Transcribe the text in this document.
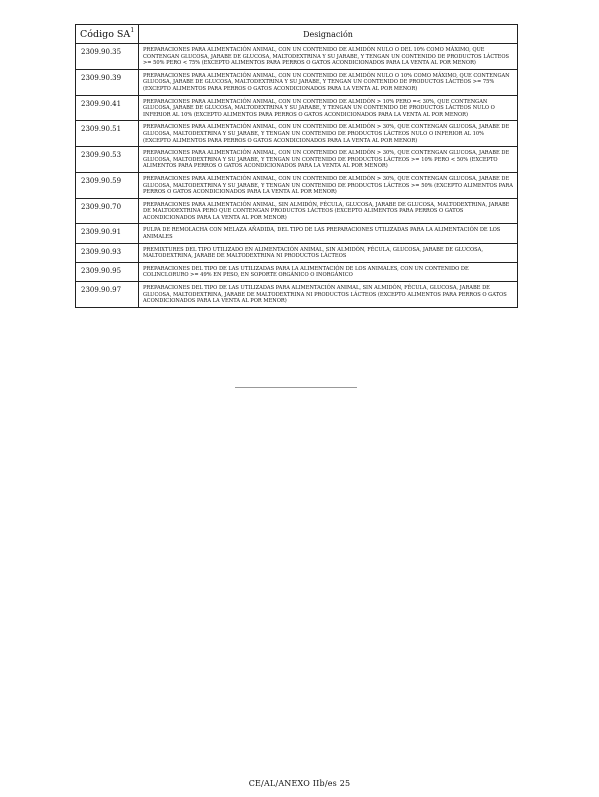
Código $SA^1$	Designación
2309.90.35	PREPARACIONES PARA ALIMENTACIÓN ANIMAL, CON UN CONTENIDO DE ALMIDÓN NULO O DEL 10% COMO MÁXIMO, QUE CONTENGAN GLUCOSA, JARABE DE GLUCOSA, MALTODEXTRINA Y SU JARABE, Y TENGAN UN CONTENIDO DE PRODUCTOS LÁCTEOS >= 50% PERO < 75% (EXCEPTO ALIMENTOS PARA PERROS O GATOS ACONDICIONADOS PARA LA VENTA AL POR MENOR)
2309.90.39	PREPARACIONES PARA ALIMENTACIÓN ANIMAL, CON UN CONTENIDO DE ALMIDÓN NULO O 10% COMO MÁXIMO, QUE CONTENGAN GLUCOSA, JARABE DE GLUCOSA, MALTODEXTRINA Y SU JARABE, Y TENGAN UN CONTENIDO DE PRODUCTOS LÁCTEOS >= 75% (EXCEPTO ALIMENTOS PARA PERROS O GATOS ACONDICIONADOS PARA LA VENTA AL POR MENOR)
2309.90.41	PREPARACIONES PARA ALIMENTACIÓN ANIMAL, CON UN CONTENIDO DE ALMIDÓN > 10% PERO =< 30%, QUE CONTENGAN GLUCOSA, JARABE DE GLUCOSA, MALTODEXTRINA Y SU JARABE, Y TENGAN UN CONTENIDO DE PRODUCTOS LÁCTEOS NULO O INFERIOR AL 10% (EXCEPTO ALIMENTOS PARA PERROS O GATOS ACONDICIONADOS PARA LA VENTA AL POR MENOR)
2309.90.51	PREPARACIONES PARA ALIMENTACIÓN ANIMAL, CON UN CONTENIDO DE ALMIDÓN > 30%, QUE CONTENGAN GLUCOSA, JARABE DE GLUCOSA, MALTODEXTRINA Y SU JARABE, Y TENGAN UN CONTENIDO DE PRODUCTOS LÁCTEOS NULO O INFERIOR AL 10% (EXCEPTO ALIMENTOS PARA PERROS O GATOS ACONDICIONADOS PARA LA VENTA AL POR MENOR)
2309.90.53	PREPARACIONES PARA ALIMENTACIÓN ANIMAL, CON UN CONTENIDO DE ALMIDÓN > 30%, QUE CONTENGAN GLUCOSA, JARABE DE GLUCOSA, MALTODEXTRINA Y SU JARABE, Y TENGAN UN CONTENIDO DE PRODUCTOS LÁCTEOS >= 10% PERO < 50% (EXCEPTO ALIMENTOS PARA PERROS O GATOS ACONDICIONADOS PARA LA VENTA AL POR MENOR)
2309.90.59	PREPARACIONES PARA ALIMENTACIÓN ANIMAL, CON UN CONTENIDO DE ALMIDÓN > 30%, QUE CONTENGAN GLUCOSA, JARABE DE GLUCOSA, MALTODEXTRINA Y SU JARABE, Y TENGAN UN CONTENIDO DE PRODUCTOS LÁCTEOS >= 50% (EXCEPTO ALIMENTOS PARA PERROS O GATOS ACONDICIONADOS PARA LA VENTA AL POR MENOR)
2309.90.70	PREPARACIONES PARA ALIMENTACIÓN ANIMAL, SIN ALMIDÓN, FÉCULA, GLUCOSA, JARABE DE GLUCOSA, MALTODEXTRINA, JARABE DE MALTODEXTRINA PERO QUE CONTENGAN PRODUCTOS LÁCTEOS (EXCEPTO ALIMENTOS PARA PERROS O GATOS ACONDICIONADOS PARA LA VENTA AL POR MENOR)
2309.90.91	PULPA DE REMOLACHA CON MELAZA AÑADIDA, DEL TIPO DE LAS PREPARACIONES UTILIZADAS PARA LA ALIMENTACIÓN DE LOS ANIMALES
2309.90.93	PREMIXTURES DEL TIPO UTILIZADO EN ALIMENTACIÓN ANIMAL, SIN ALMIDÓN, FÉCULA, GLUCOSA, JARABE DE GLUCOSA, MALTODEXTRINA, JARABE DE MALTODEXTRINA NI PRODUCTOS LÁCTEOS
2309.90.95	PREPARACIONES DEL TIPO DE LAS UTILIZADAS PARA LA ALIMENTACIÓN DE LOS ANIMALES, CON UN CONTENIDO DE COLINCLORURO >= 49% EN PESO, EN SOPORTE ORGÁNICO O INORGÁNICO
2309.90.97	PREPARACIONES DEL TIPO DE LAS UTILIZADAS PARA ALIMENTACIÓN ANIMAL, SIN ALMIDÓN, FÉCULA, GLUCOSA, JARABE DE GLUCOSA, MALTODEXTRINA, JARABE DE MALTODEXTRINA NI PRODUCTOS LÁCTEOS (EXCEPTO ALIMENTOS PARA PERROS O GATOS ACONDICIONADOS PARA LA VENTA AL POR MENOR)
CE/AL/ANEXO IIb/es 25
